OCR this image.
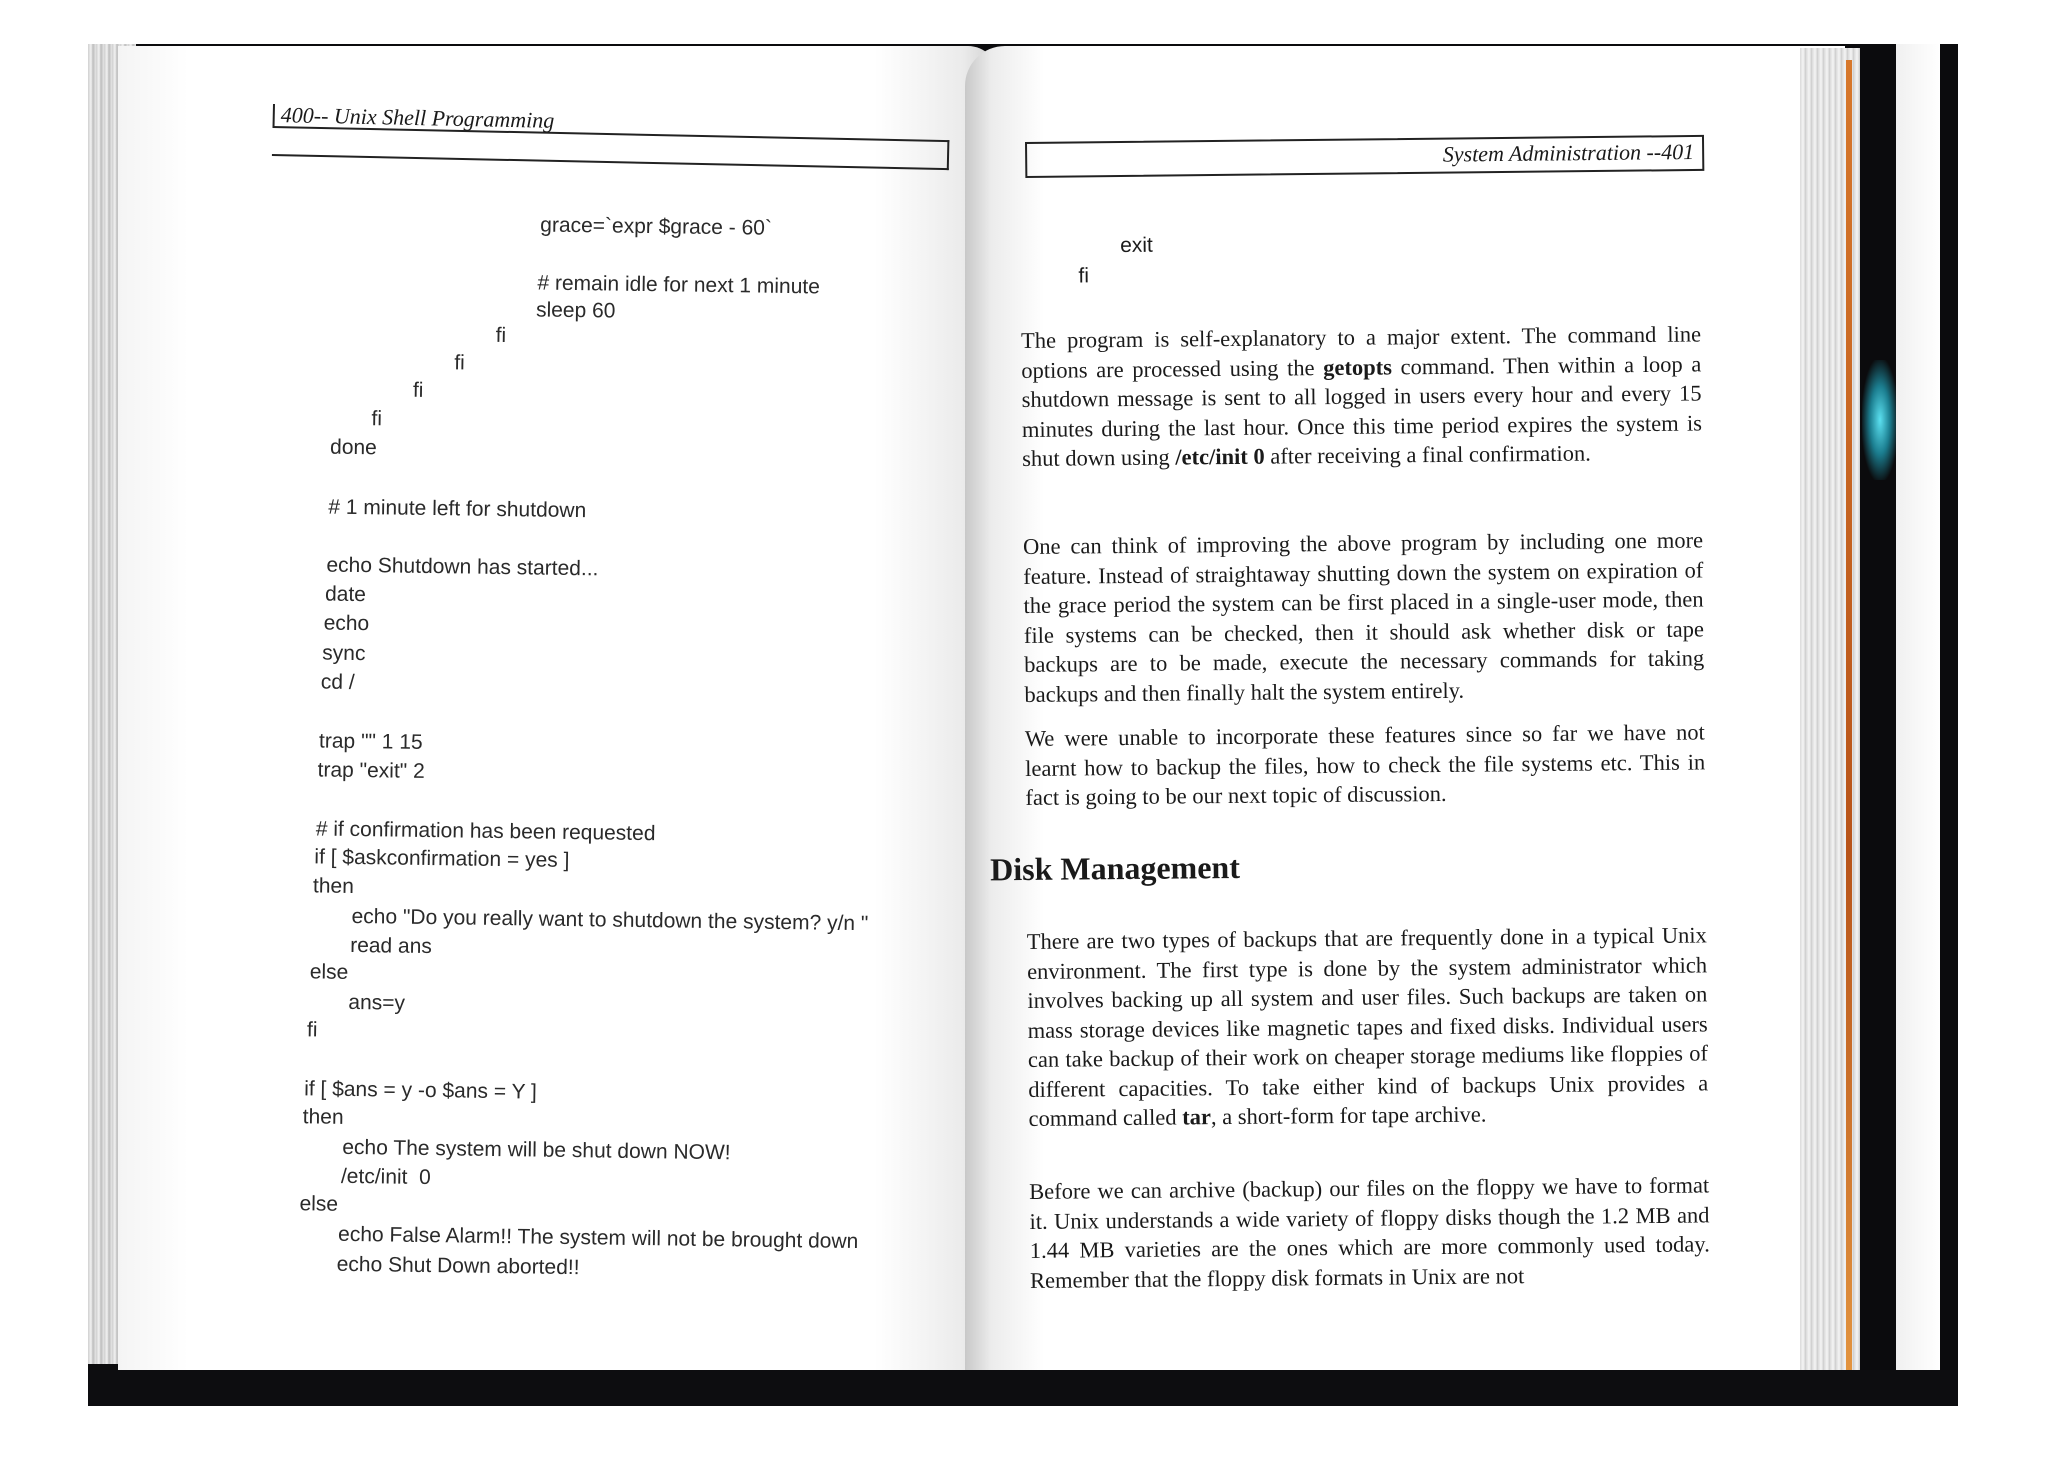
400-- Unix Shell Programming
System Administration --401
grace=`expr $grace - 60`
# remain idle for next 1 minute
sleep 60
fi
fi
fi
fi
done
# 1 minute left for shutdown
echo Shutdown has started...
date
echo
sync
cd /
trap "" 1 15
trap "exit" 2
# if confirmation has been requested
if [ $askconfirmation = yes ]
then
echo "Do you really want to shutdown the system? y/n "
read ans
else
ans=y
fi
if [ $ans = y -o $ans = Y ]
then
echo The system will be shut down NOW!
/etc/init  0
else
echo False Alarm!! The system will not be brought down
echo Shut Down aborted!!
exit
fi

The program is self-explanatory to a major extent. The command line options are processed using the getopts command. Then within a loop a shutdown message is sent to all logged in users every hour and every 15 minutes during the last hour. Once this time period expires the system is shut down using /etc/init 0 after receiving a final confirmation.

One can think of improving the above program by including one more feature. Instead of straightaway shutting down the system on expiration of the grace period the system can be first placed in a single-user mode, then file systems can be checked, then it should ask whether disk or tape backups are to be made, execute the necessary commands for taking backups and then finally halt the system entirely.

We were unable to incorporate these features since so far we have not learnt how to backup the files, how to check the file systems etc. This in fact is going to be our next topic of discussion.

Disk Management

There are two types of backups that are frequently done in a typical Unix environment. The first type is done by the system administrator which involves backing up all system and user files. Such backups are taken on mass storage devices like magnetic tapes and fixed disks. Individual users can take backup of their work on cheaper storage mediums like floppies of different capacities. To take either kind of backups Unix provides a command called tar, a short-form for tape archive.

Before we can archive (backup) our files on the floppy we have to format it. Unix understands a wide variety of floppy disks though the 1.2 MB and 1.44 MB varieties are the ones which are more commonly used today. Remember that the floppy disk formats in Unix are not
